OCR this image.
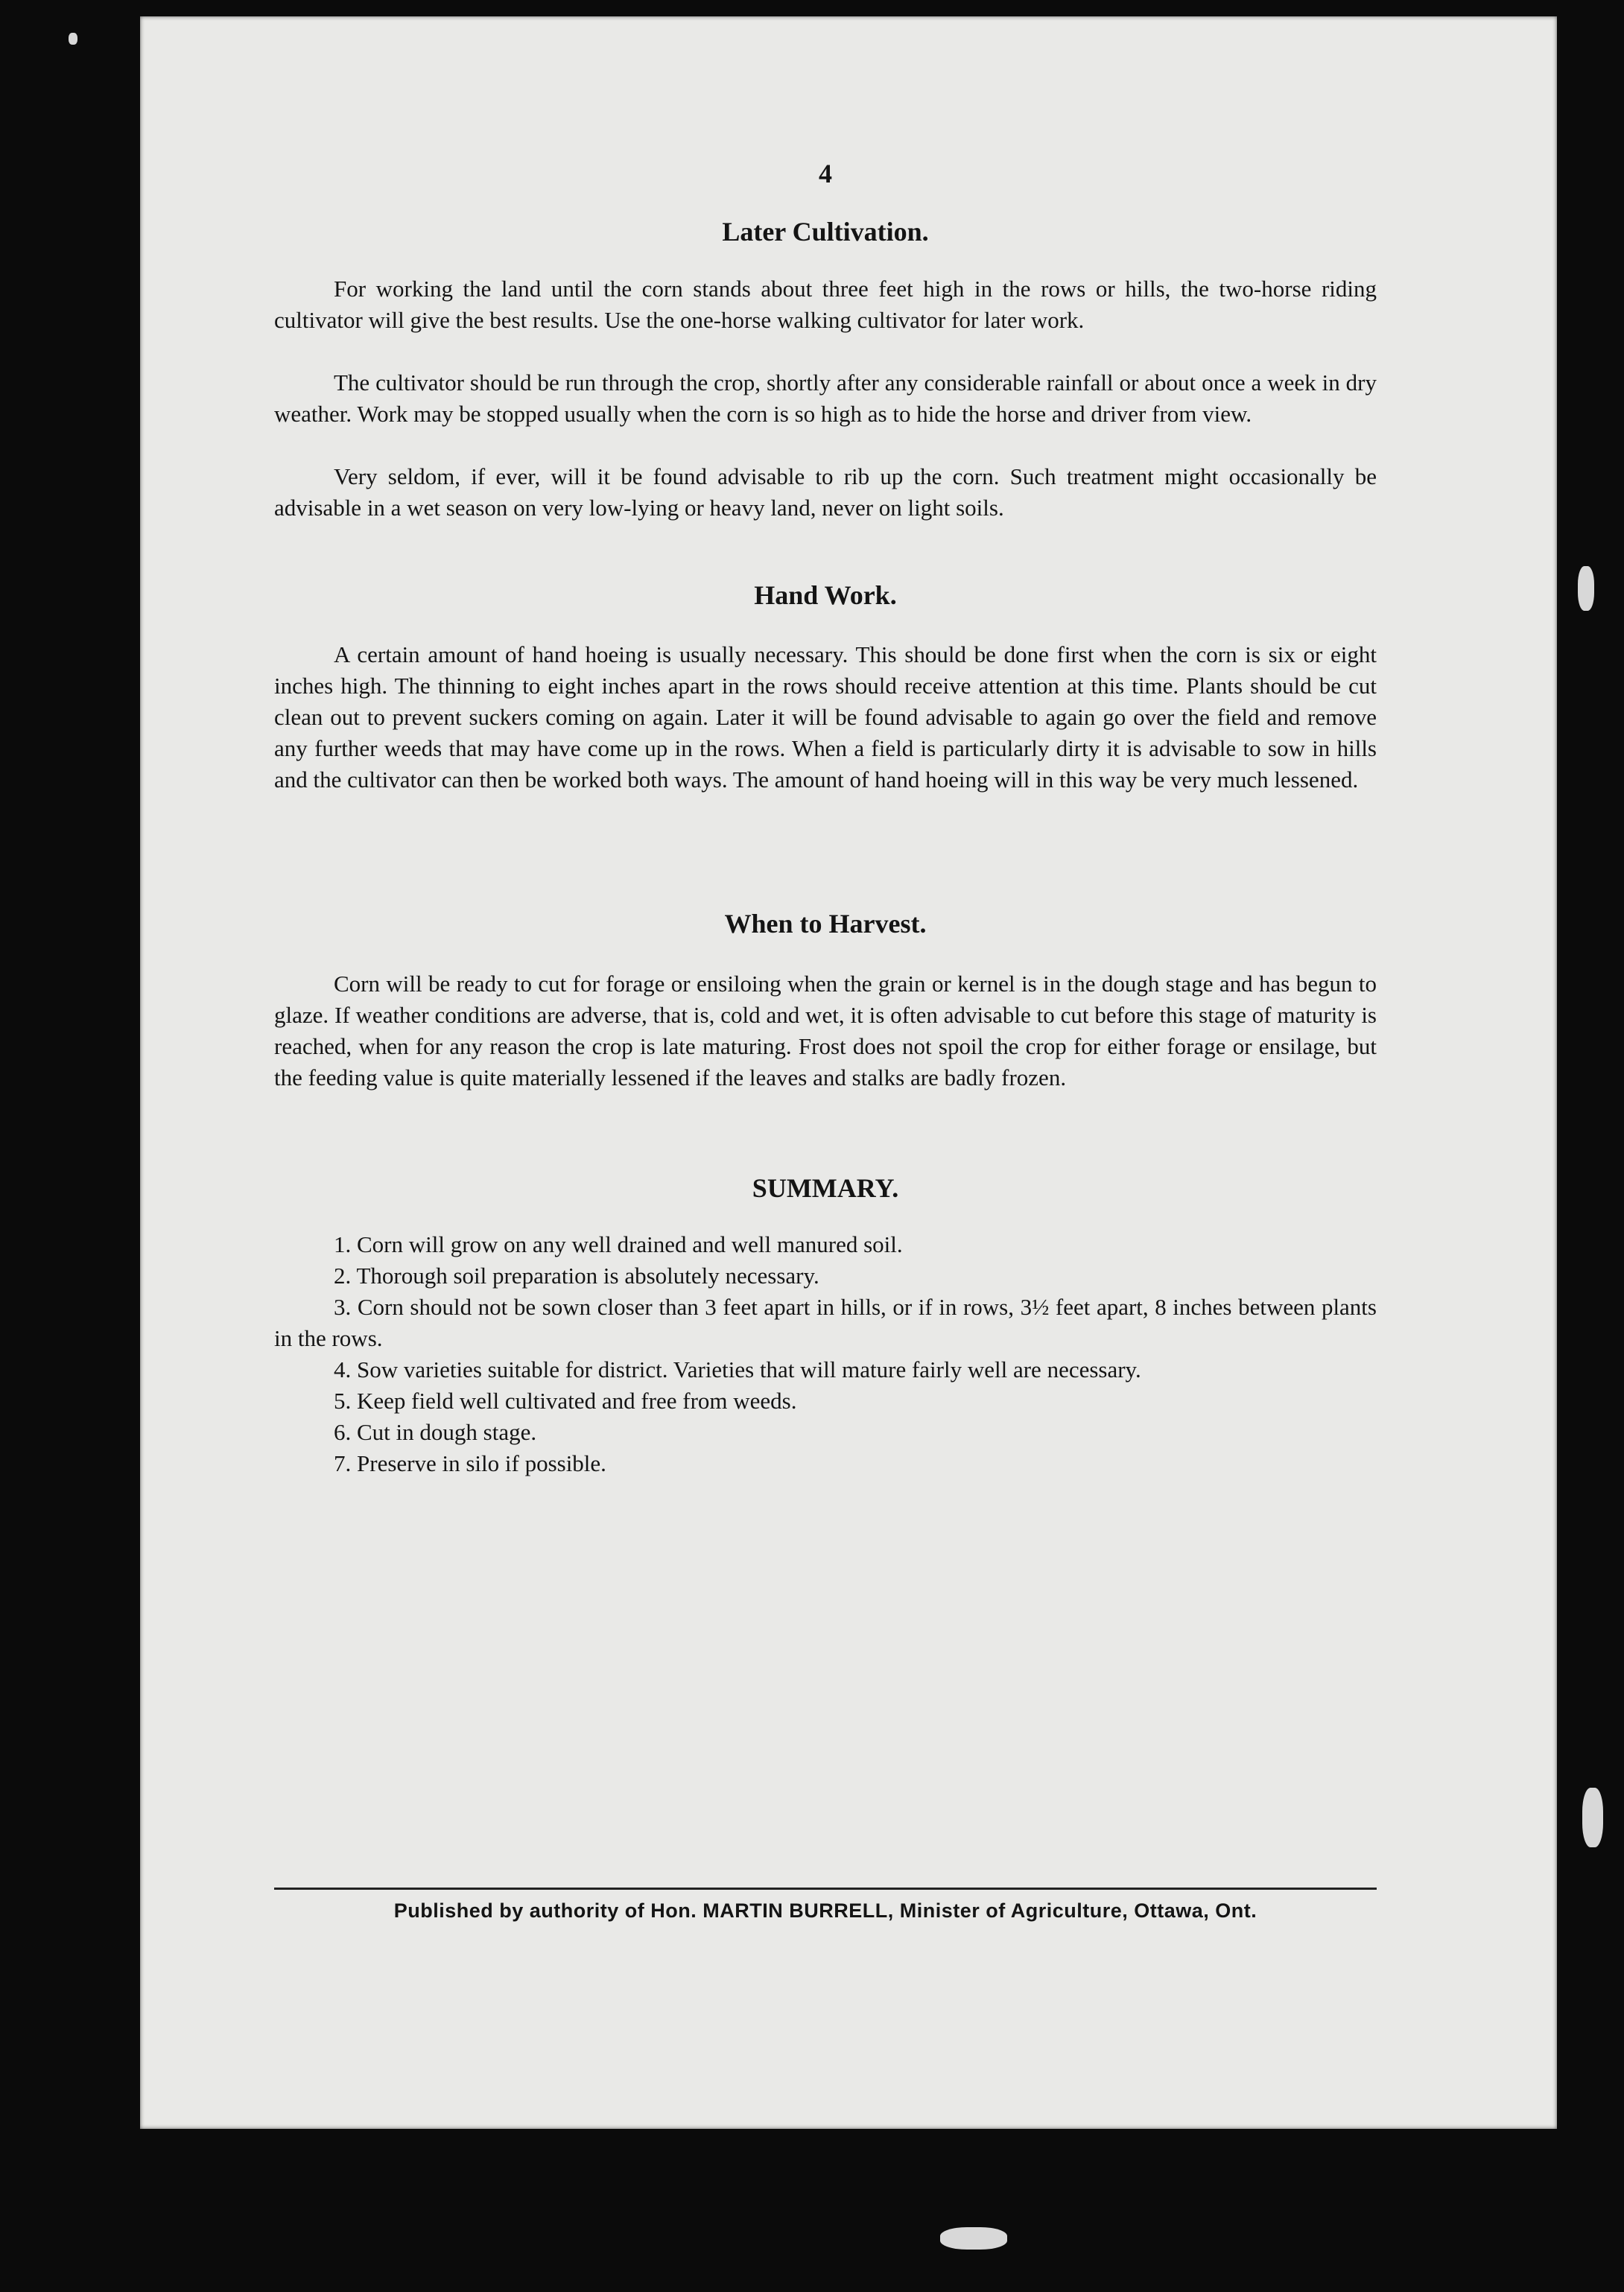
4
Later Cultivation.

For working the land until the corn stands about three feet high in the rows or hills, the two-horse riding cultivator will give the best results. Use the one-horse walking cultivator for later work.

The cultivator should be run through the crop, shortly after any considerable rainfall or about once a week in dry weather. Work may be stopped usually when the corn is so high as to hide the horse and driver from view.

Very seldom, if ever, will it be found advisable to rib up the corn. Such treatment might occasionally be advisable in a wet season on very low-lying or heavy land, never on light soils.

Hand Work.

A certain amount of hand hoeing is usually necessary. This should be done first when the corn is six or eight inches high. The thinning to eight inches apart in the rows should receive attention at this time. Plants should be cut clean out to prevent suckers coming on again. Later it will be found advisable to again go over the field and remove any further weeds that may have come up in the rows. When a field is particularly dirty it is advisable to sow in hills and the cultivator can then be worked both ways. The amount of hand hoeing will in this way be very much lessened.

When to Harvest.

Corn will be ready to cut for forage or ensiloing when the grain or kernel is in the dough stage and has begun to glaze. If weather conditions are adverse, that is, cold and wet, it is often advisable to cut before this stage of maturity is reached, when for any reason the crop is late maturing. Frost does not spoil the crop for either forage or ensilage, but the feeding value is quite materially lessened if the leaves and stalks are badly frozen.

SUMMARY.
1. Corn will grow on any well drained and well manured soil.
2. Thorough soil preparation is absolutely necessary.
3. Corn should not be sown closer than 3 feet apart in hills, or if in rows, 3½ feet apart, 8 inches between plants in the rows.
4. Sow varieties suitable for district. Varieties that will mature fairly well are necessary.
5. Keep field well cultivated and free from weeds.
6. Cut in dough stage.
7. Preserve in silo if possible.
Published by authority of Hon. MARTIN BURRELL, Minister of Agriculture, Ottawa, Ont.
